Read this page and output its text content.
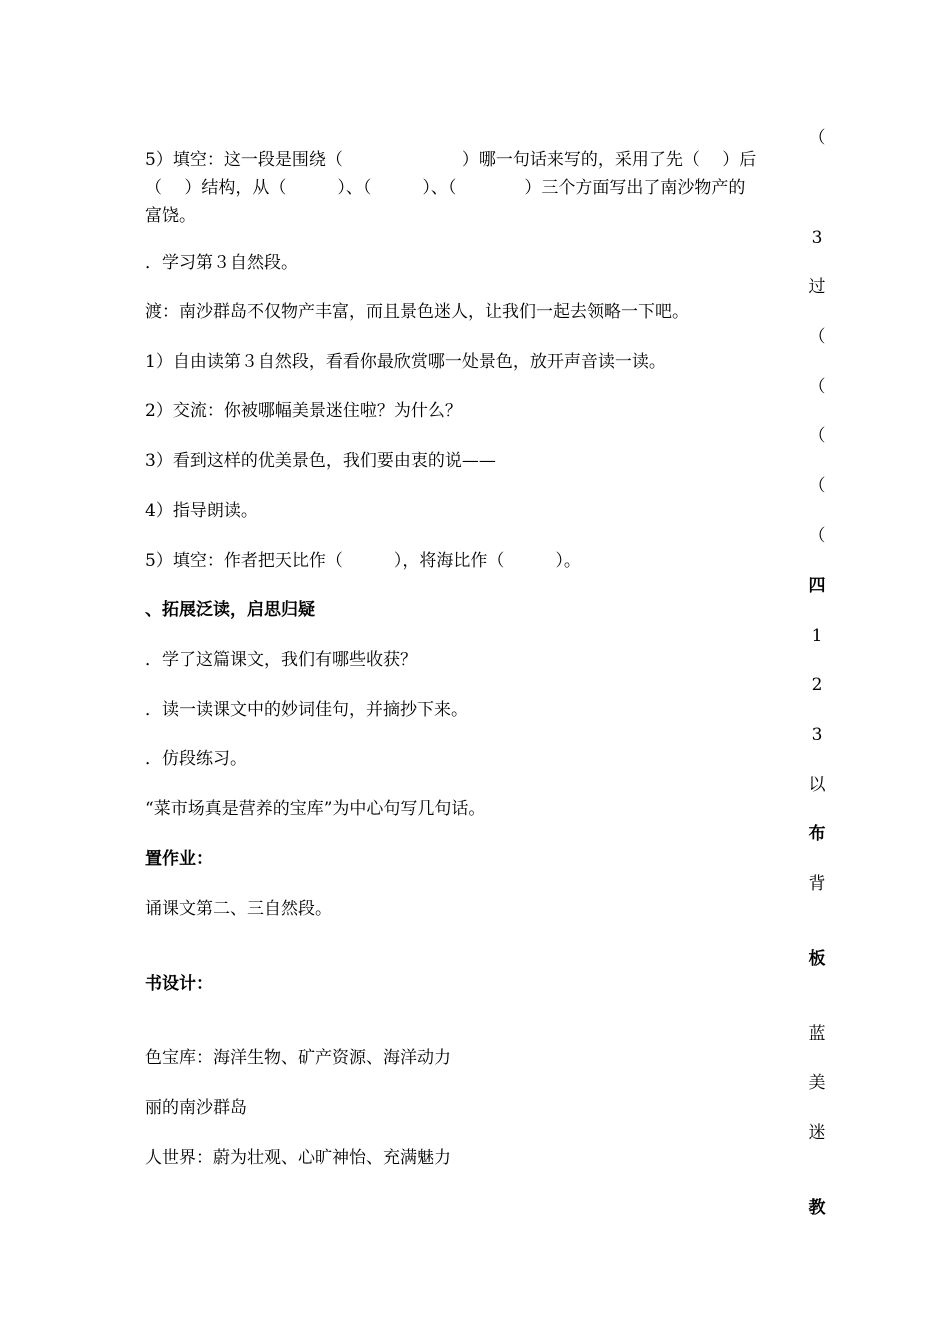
5）填空：这一段是围绕（　　　　　　　）哪一句话来写的，采用了先（　 ）后
（　 ）结构，从（　　　）、（　　　）、（　　　　）三个方面写出了南沙物产的
富饶。
．学习第３自然段。
渡：南沙群岛不仅物产丰富，而且景色迷人，让我们一起去领略一下吧。
1）自由读第３自然段，看看你最欣赏哪一处景色，放开声音读一读。
2）交流：你被哪幅美景迷住啦？为什么？
3）看到这样的优美景色，我们要由衷的说——
4）指导朗读。
5）填空：作者把天比作（　　　），将海比作（　　　）。
、拓展泛读，启思归疑
．学了这篇课文，我们有哪些收获？
．读一读课文中的妙词佳句，并摘抄下来。
．仿段练习。
“菜市场真是营养的宝库”为中心句写几句话。
置作业：
诵课文第二、三自然段。
书设计：
色宝库：海洋生物、矿产资源、海洋动力
丽的南沙群岛
人世界：蔚为壮观、心旷神怡、充满魅力
（
3
过
（
（
（
（
（
四
1
2
3
以
布
背
板
蓝
美
迷
教
